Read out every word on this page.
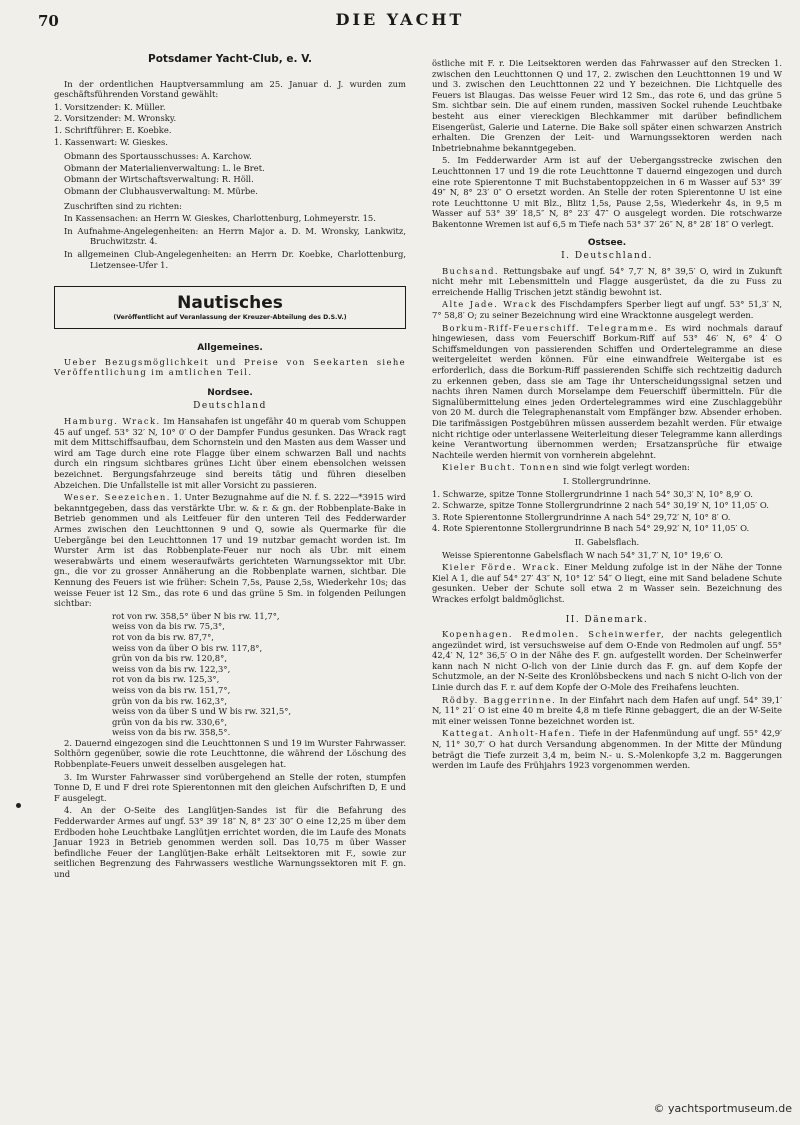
70	DIE YACHT
Potsdamer Yacht-Club, e. V.

In der ordentlichen Hauptversammlung am 25. Januar d. J. wurden zum geschäftsführenden Vorstand gewählt:

1. Vorsitzender: K. Müller.
2. Vorsitzender: M. Wronsky.
1. Schriftführer: E. Koebke.
1. Kassenwart: W. Gieskes.
Obmann des Sportausschusses: A. Karchow.
Obmann der Materialienverwaltung: L. le Bret.
Obmann der Wirtschaftsverwaltung: R. Höll.
Obmann der Clubhausverwaltung: M. Mürbe.

Zuschriften sind zu richten:

In Kassensachen: an Herrn W. Gieskes, Charlottenburg, Lohmeyerstr. 15.
In Aufnahme-Angelegenheiten: an Herrn Major a. D. M. Wronsky, Lankwitz, Bruchwitzstr. 4.
In allgemeinen Club-Angelegenheiten: an Herrn Dr. Koebke, Charlottenburg, Lietzensee-Ufer 1.
Nautisches
(Veröffentlicht auf Veranlassung der Kreuzer-Abteilung des D.S.V.)
Allgemeines.

Ueber Bezugsmöglichkeit und Preise von Seekarten siehe Veröffentlichung im amtlichen Teil.

Nordsee.
Deutschland

Hamburg. Wrack. Im Hansahafen ist ungefähr 40 m querab vom Schuppen 45 auf ungef. 53° 32′ N, 10° 0′ O der Dampfer Fundus gesunken. Das Wrack ragt mit dem Mittschiffsaufbau, dem Schornstein und den Masten aus dem Wasser und wird am Tage durch eine rote Flagge über einem schwarzen Ball und nachts durch ein ringsum sichtbares grünes Licht über einem ebensolchen weissen bezeichnet. Bergungsfahrzeuge sind bereits tätig und führen dieselben Abzeichen. Die Unfallstelle ist mit aller Vorsicht zu passieren.

Weser. Seezeichen. 1. Unter Bezugnahme auf die N. f. S. 222—*3915 wird bekanntgegeben, dass das verstärkte Ubr. w. & r. & gn. der Robbenplate-Bake in Betrieb genommen und als Leitfeuer für den unteren Teil des Fedderwarder Armes zwischen den Leuchttonnen 9 und Q, sowie als Quermarke für die Uebergänge bei den Leuchttonnen 17 und 19 nutzbar gemacht worden ist. Im Wurster Arm ist das Robbenplate-Feuer nur noch als Ubr. mit einem weserabwärts und einem weseraufwärts gerichteten Warnungssektor mit Ubr. gn., die vor zu grosser Annäherung an die Robbenplate warnen, sichtbar. Die Kennung des Feuers ist wie früher: Schein 7,5s, Pause 2,5s, Wiederkehr 10s; das weisse Feuer ist 12 Sm., das rote 6 und das grüne 5 Sm. in folgenden Peilungen sichtbar:

rot von rw. 358,5° über N bis rw. 11,7°,
weiss von da bis rw. 75,3°,
rot von da bis rw. 87,7°,
weiss von da über O bis rw. 117,8°,
grün von da bis rw. 120,8°,
weiss von da bis rw. 122,3°,
rot von da bis rw. 125,3°,
weiss von da bis rw. 151,7°,
grün von da bis rw. 162,3°,
weiss von da über S und W bis rw. 321,5°,
grün von da bis rw. 330,6°,
weiss von da bis rw. 358,5°.

2. Dauernd eingezogen sind die Leuchttonnen S und 19 im Wurster Fahrwasser. Solthörn gegenüber, sowie die rote Leuchttonne, die während der Löschung des Robbenplate-Feuers unweit desselben ausgelegen hat.

3. Im Wurster Fahrwasser sind vorübergehend an Stelle der roten, stumpfen Tonne D, E und F drei rote Spierentonnen mit den gleichen Aufschriften D, E und F ausgelegt.

4. An der O-Seite des Langlütjen-Sandes ist für die Befahrung des Fedderwarder Armes auf ungf. 53° 39′ 18″ N, 8° 23′ 30″ O eine 12,25 m über dem Erdboden hohe Leuchtbake Langlütjen errichtet worden, die im Laufe des Monats Januar 1923 in Betrieb genommen werden soll. Das 10,75 m über Wasser befindliche Feuer der Langlütjen-Bake erhält Leitsektoren mit F., sowie zur seitlichen Begrenzung des Fahrwassers westliche Warnungssektoren mit F. gn. und

östliche mit F. r. Die Leitsektoren werden das Fahrwasser auf den Strecken 1. zwischen den Leuchttonnen Q und 17, 2. zwischen den Leuchttonnen 19 und W und 3. zwischen den Leuchttonnen 22 und Y bezeichnen. Die Lichtquelle des Feuers ist Blaugas. Das weisse Feuer wird 12 Sm., das rote 6, und das grüne 5 Sm. sichtbar sein. Die auf einem runden, massiven Sockel ruhende Leuchtbake besteht aus einer viereckigen Blechkammer mit darüber befindlichem Eisengerüst, Galerie und Laterne. Die Bake soll später einen schwarzen Anstrich erhalten. Die Grenzen der Leit- und Warnungssektoren werden nach Inbetriebnahme bekanntgegeben.

5. Im Fedderwarder Arm ist auf der Uebergangsstrecke zwischen den Leuchttonnen 17 und 19 die rote Leuchttonne T dauernd eingezogen und durch eine rote Spierentonne T mit Buchstabentoppzeichen in 6 m Wasser auf 53° 39′ 49″ N, 8° 23′ 0″ O ersetzt worden. An Stelle der roten Spierentonne U ist eine rote Leuchttonne U mit Blz., Blitz 1,5s, Pause 2,5s, Wiederkehr 4s, in 9,5 m Wasser auf 53° 39′ 18,5″ N, 8° 23′ 47″ O ausgelegt worden. Die rotschwarze Bakentonne Wremen ist auf 6,5 m Tiefe nach 53° 37′ 26″ N, 8° 28′ 18″ O verlegt.

Ostsee.
I. Deutschland.

Buchsand. Rettungsbake auf ungf. 54° 7,7′ N, 8° 39,5′ O, wird in Zukunft nicht mehr mit Lebensmitteln und Flagge ausgerüstet, da die zu Fuss zu erreichende Hallig Trischen jetzt ständig bewohnt ist.

Alte Jade. Wrack des Fischdampfers Sperber liegt auf ungf. 53° 51,3′ N, 7° 58,8′ O; zu seiner Bezeichnung wird eine Wracktonne ausgelegt werden.

Borkum-Riff-Feuerschiff. Telegramme. Es wird nochmals darauf hingewiesen, dass vom Feuerschiff Borkum-Riff auf 53° 46′ N, 6° 4′ O Schiffsmeldungen von passierenden Schiffen und Ordertelegramme an diese weitergeleitet werden können. Für eine einwandfreie Weitergabe ist es erforderlich, dass die Borkum-Riff passierenden Schiffe sich rechtzeitig dadurch zu erkennen geben, dass sie am Tage ihr Unterscheidungssignal setzen und nachts ihren Namen durch Morselampe dem Feuerschiff übermitteln. Für die Signalübermittelung eines jeden Ordertelegrammes wird eine Zuschlaggebühr von 20 M. durch die Telegraphenanstalt vom Empfänger bzw. Absender erhoben. Die tarifmässigen Postgebühren müssen ausserdem bezahlt werden. Für etwaige nicht richtige oder unterlassene Weiterleitung dieser Telegramme kann allerdings keine Verantwortung übernommen werden; Ersatzansprüche für etwaige Nachteile werden hiermit von vornherein abgelehnt.

Kieler Bucht. Tonnen sind wie folgt verlegt worden:

I. Stollergrundrinne.
1. Schwarze, spitze Tonne Stollergrundrinne 1 nach 54° 30,3′ N, 10° 8,9′ O.
2. Schwarze, spitze Tonne Stollergrundrinne 2 nach 54° 30,19′ N, 10° 11,05′ O.
3. Rote Spierentonne Stollergrundrinne A nach 54° 29,72′ N, 10° 8′ O.
4. Rote Spierentonne Stollergrundrinne B nach 54° 29,92′ N, 10° 11,05′ O.
II. Gabelsflach.

Weisse Spierentonne Gabelsflach W nach 54° 31,7′ N, 10° 19,6′ O.

Kieler Förde. Wrack. Einer Meldung zufolge ist in der Nähe der Tonne Kiel A 1, die auf 54° 27′ 43″ N, 10° 12′ 54″ O liegt, eine mit Sand beladene Schute gesunken. Ueber der Schute soll etwa 2 m Wasser sein. Bezeichnung des Wrackes erfolgt baldmöglichst.

II. Dänemark.

Kopenhagen. Redmolen. Scheinwerfer, der nachts gelegentlich angezündet wird, ist versuchsweise auf dem O-Ende von Redmolen auf ungf. 55° 42,4′ N, 12° 36,5′ O in der Nähe des F. gn. aufgestellt worden. Der Scheinwerfer kann nach N nicht O-lich von der Linie durch das F. gn. auf dem Kopfe der Schutzmole, an der N-Seite des Kronlöbsbeckens und nach S nicht O-lich von der Linie durch das F. r. auf dem Kopfe der O-Mole des Freihafens leuchten.

Rödby. Baggerrinne. In der Einfahrt nach dem Hafen auf ungf. 54° 39,1′ N, 11° 21′ O ist eine 40 m breite 4,8 m tiefe Rinne gebaggert, die an der W-Seite mit einer weissen Tonne bezeichnet worden ist.

Kattegat. Anholt-Hafen. Tiefe in der Hafenmündung auf ungf. 55° 42,9′ N, 11° 30,7′ O hat durch Versandung abgenommen. In der Mitte der Mündung beträgt die Tiefe zurzeit 3,4 m, beim N.- u. S.-Molenkopfe 3,2 m. Baggerungen werden im Laufe des Frühjahrs 1923 vorgenommen werden.

© yachtsportmuseum.de
